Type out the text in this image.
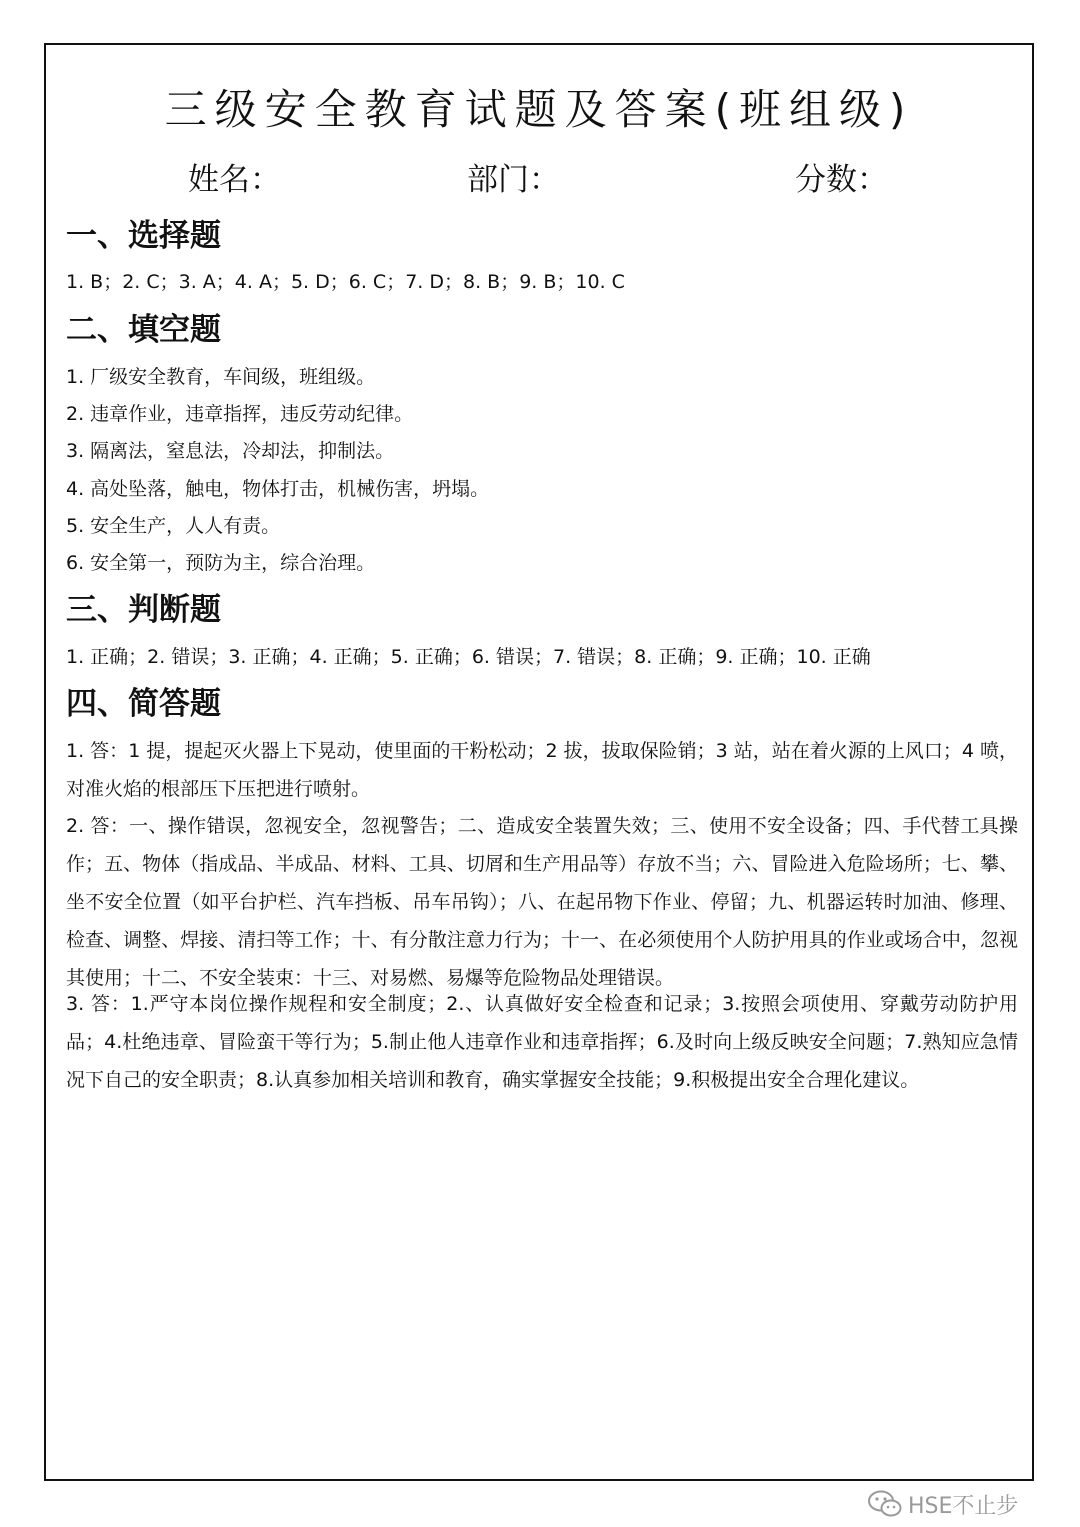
三级安全教育试题及答案(班组级)
姓名：	部门：	分数：
一、选择题
1. B；2. C；3. A；4. A；5. D；6. C；7. D；8. B；9. B；10. C
二、填空题
1. 厂级安全教育，车间级，班组级。
2. 违章作业，违章指挥，违反劳动纪律。
3. 隔离法，窒息法，冷却法，抑制法。
4. 高处坠落，触电，物体打击，机械伤害，坍塌。
5. 安全生产，人人有责。
6. 安全第一，预防为主，综合治理。
三、判断题
1. 正确；2. 错误；3. 正确；4. 正确；5. 正确；6. 错误；7. 错误；8. 正确；9. 正确；10. 正确
四、简答题

1. 答：1 提，提起灭火器上下晃动，使里面的干粉松动；2 拔，拔取保险销；3 站，站在着火源的上风口；4 喷，对准火焰的根部压下压把进行喷射。

2. 答：一、操作错误，忽视安全，忽视警告；二、造成安全装置失效；三、使用不安全设备；四、手代替工具操作；五、物体（指成品、半成品、材料、工具、切屑和生产用品等）存放不当；六、冒险进入危险场所；七、攀、坐不安全位置（如平台护栏、汽车挡板、吊车吊钩）；八、在起吊物下作业、停留；九、机器运转时加油、修理、检查、调整、焊接、清扫等工作；十、有分散注意力行为；十一、在必须使用个人防护用具的作业或场合中，忽视其使用；十二、不安全装束：十三、对易燃、易爆等危险物品处理错误。

3. 答：1.严守本岗位操作规程和安全制度；2.、认真做好安全检查和记录；3.按照会项使用、穿戴劳动防护用品；4.杜绝违章、冒险蛮干等行为；5.制止他人违章作业和违章指挥；6.及时向上级反映安全问题；7.熟知应急情况下自己的安全职责；8.认真参加相关培训和教育，确实掌握安全技能；9.积极提出安全合理化建议。

HSE不止步
